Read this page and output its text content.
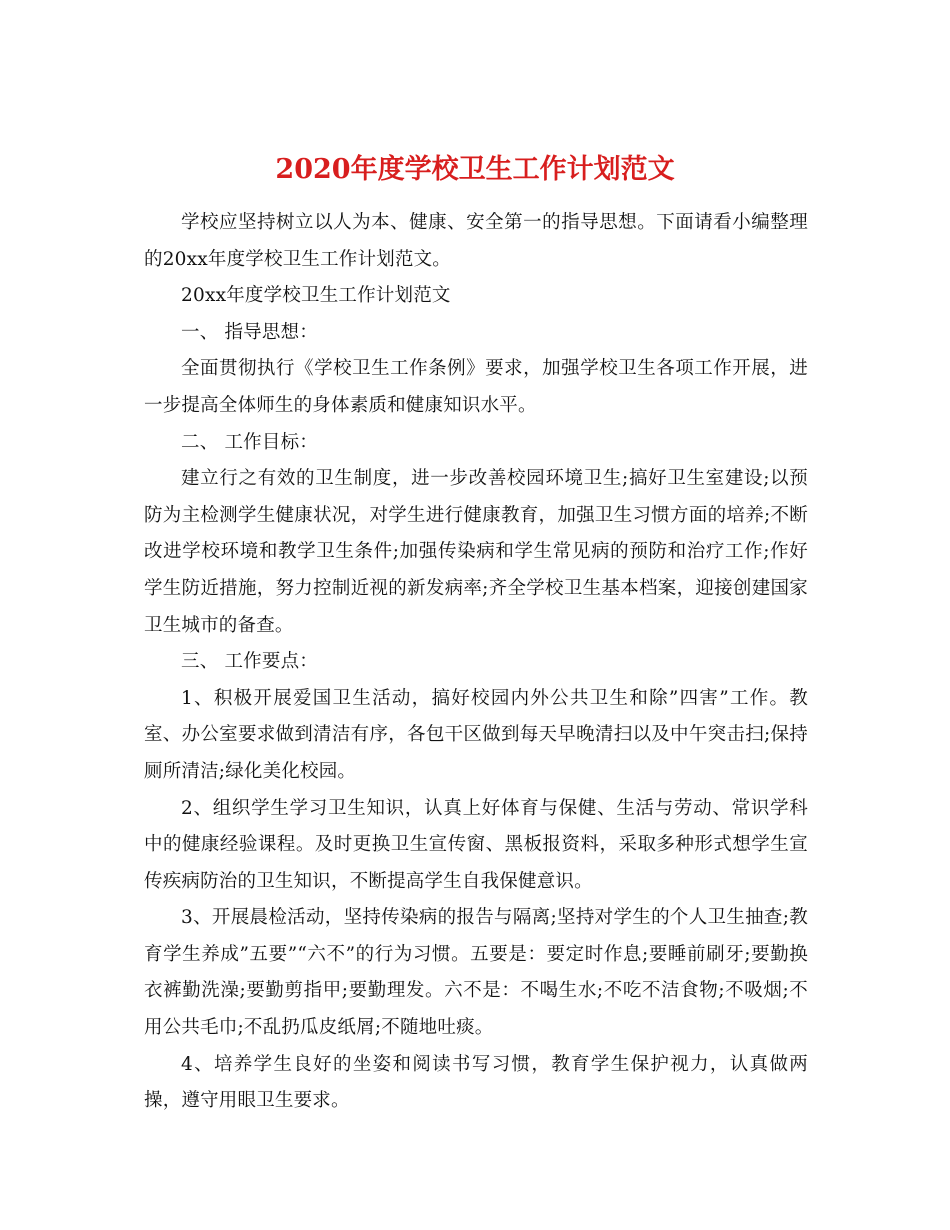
2020年度学校卫生工作计划范文

学校应坚持树立以人为本、健康、安全第一的指导思想。下面请看小编整理的20xx年度学校卫生工作计划范文。

20xx年度学校卫生工作计划范文

一、 指导思想：

全面贯彻执行《学校卫生工作条例》要求，加强学校卫生各项工作开展，进一步提高全体师生的身体素质和健康知识水平。

二、 工作目标：

建立行之有效的卫生制度，进一步改善校园环境卫生;搞好卫生室建设;以预防为主检测学生健康状况，对学生进行健康教育，加强卫生习惯方面的培养;不断改进学校环境和教学卫生条件;加强传染病和学生常见病的预防和治疗工作;作好学生防近措施，努力控制近视的新发病率;齐全学校卫生基本档案，迎接创建国家卫生城市的备查。

三、 工作要点：

1、积极开展爱国卫生活动，搞好校园内外公共卫生和除”四害”工作。教室、办公室要求做到清洁有序，各包干区做到每天早晚清扫以及中午突击扫;保持厕所清洁;绿化美化校园。

2、组织学生学习卫生知识，认真上好体育与保健、生活与劳动、常识学科中的健康经验课程。及时更换卫生宣传窗、黑板报资料，采取多种形式想学生宣传疾病防治的卫生知识，不断提高学生自我保健意识。

3、开展晨检活动，坚持传染病的报告与隔离;坚持对学生的个人卫生抽查;教育学生养成”五要”“六不”的行为习惯。五要是：要定时作息;要睡前刷牙;要勤换衣裤勤洗澡;要勤剪指甲;要勤理发。六不是：不喝生水;不吃不洁食物;不吸烟;不用公共毛巾;不乱扔瓜皮纸屑;不随地吐痰。

4、培养学生良好的坐姿和阅读书写习惯，教育学生保护视力，认真做两操，遵守用眼卫生要求。
